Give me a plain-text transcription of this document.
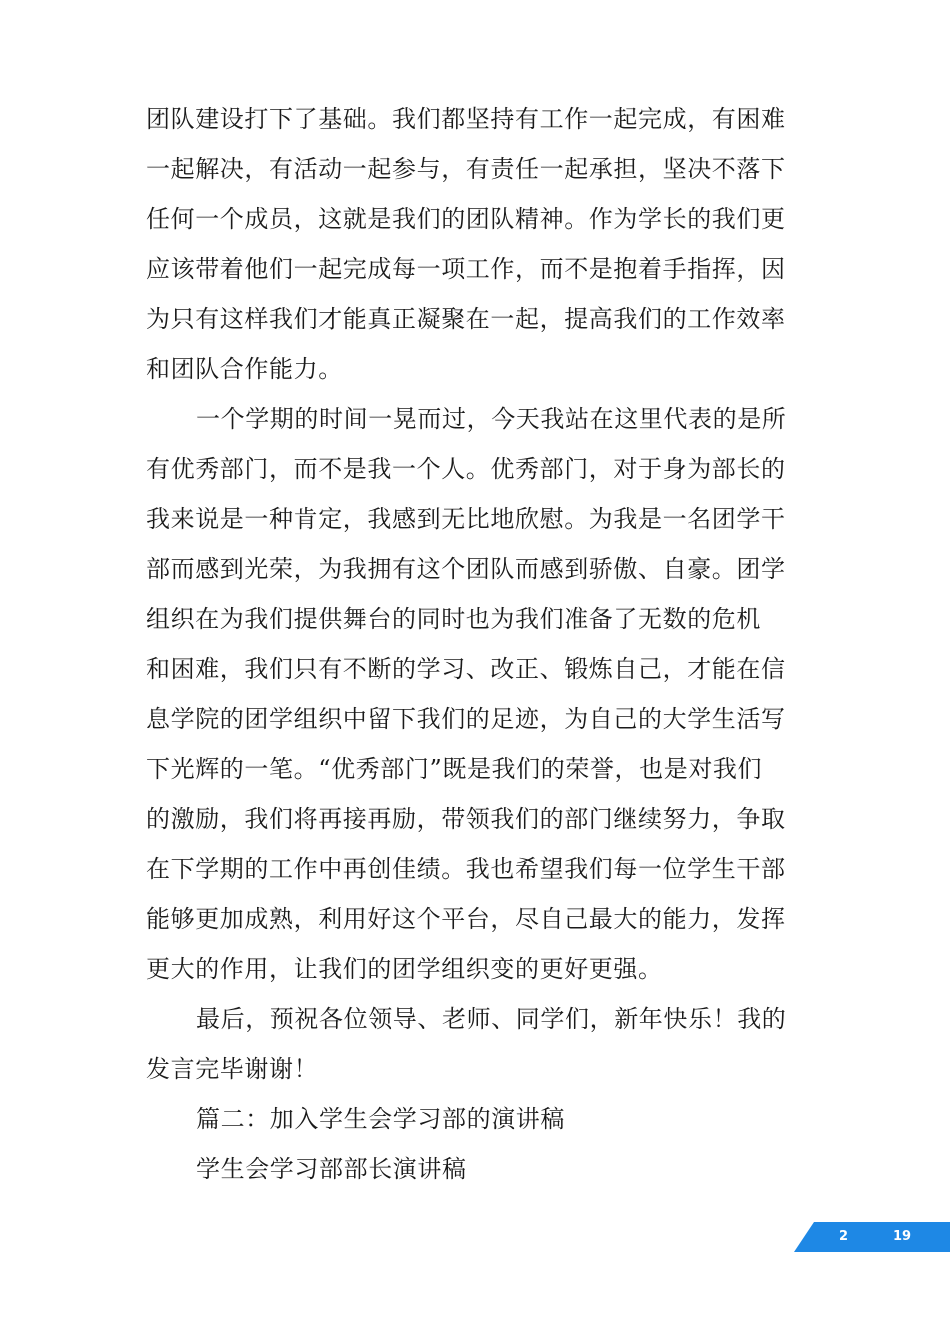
团队建设打下了基础。我们都坚持有工作一起完成，有困难
一起解决，有活动一起参与，有责任一起承担，坚决不落下
任何一个成员，这就是我们的团队精神。作为学长的我们更
应该带着他们一起完成每一项工作，而不是抱着手指挥，因
为只有这样我们才能真正凝聚在一起，提高我们的工作效率
和团队合作能力。
一个学期的时间一晃而过，今天我站在这里代表的是所
有优秀部门，而不是我一个人。优秀部门，对于身为部长的
我来说是一种肯定，我感到无比地欣慰。为我是一名团学干
部而感到光荣，为我拥有这个团队而感到骄傲、自豪。团学
组织在为我们提供舞台的同时也为我们准备了无数的危机
和困难，我们只有不断的学习、改正、锻炼自己，才能在信
息学院的团学组织中留下我们的足迹，为自己的大学生活写
下光辉的一笔。“优秀部门”既是我们的荣誉，也是对我们
的激励，我们将再接再励，带领我们的部门继续努力，争取
在下学期的工作中再创佳绩。我也希望我们每一位学生干部
能够更加成熟，利用好这个平台，尽自己最大的能力，发挥
更大的作用，让我们的团学组织变的更好更强。
最后，预祝各位领导、老师、同学们，新年快乐！我的
发言完毕谢谢！
篇二：加入学生会学习部的演讲稿
学生会学习部部长演讲稿
2	19
